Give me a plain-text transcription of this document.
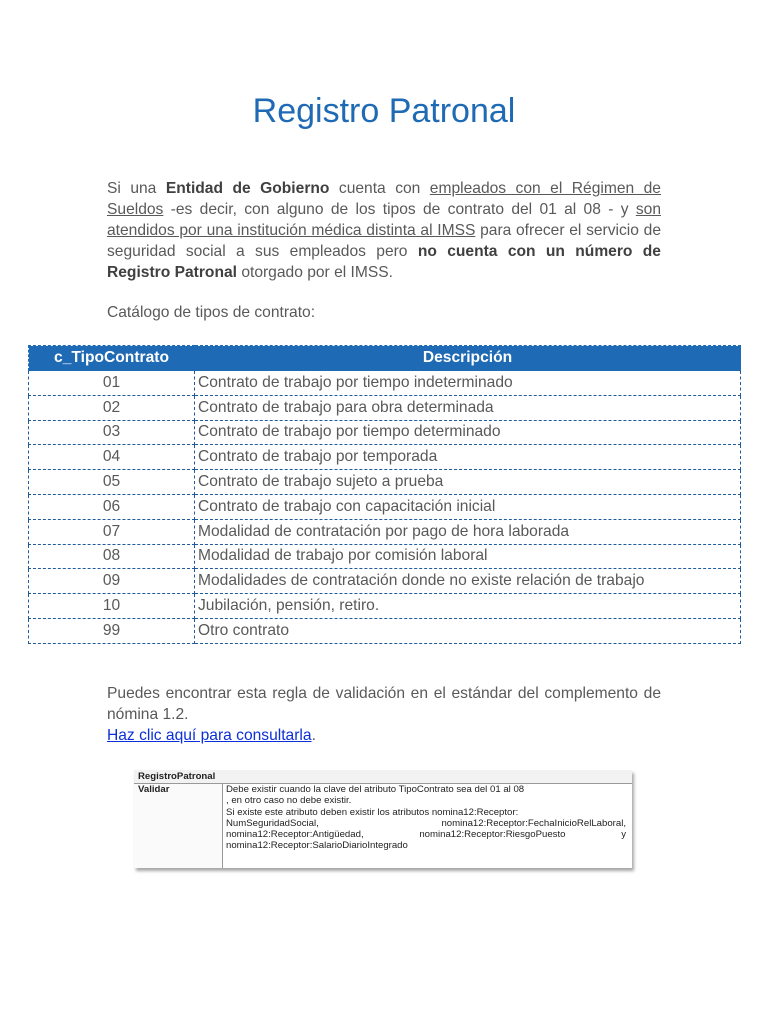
Registro Patronal

Si una Entidad de Gobierno cuenta con empleados con el Régimen de Sueldos -es decir, con alguno de los tipos de contrato del 01 al 08 - y son atendidos por una institución médica distinta al IMSS para ofrecer el servicio de seguridad social a sus empleados pero no cuenta con un número de Registro Patronal otorgado por el IMSS.

Catálogo de tipos de contrato:

c_TipoContrato	Descripción
01	Contrato de trabajo por tiempo indeterminado
02	Contrato de trabajo para obra determinada
03	Contrato de trabajo por tiempo determinado
04	Contrato de trabajo por temporada
05	Contrato de trabajo sujeto a prueba
06	Contrato de trabajo con capacitación inicial
07	Modalidad de contratación por pago de hora laborada
08	Modalidad de trabajo por comisión laboral
09	Modalidades de contratación donde no existe relación de trabajo
10	Jubilación, pensión, retiro.
99	Otro contrato

Puedes encontrar esta regla de validación en el estándar del complemento de nómina 1.2.

Haz clic aquí para consultarla.

RegistroPatronal
Validar	Debe existir cuando la clave del atributo TipoContrato sea del 01 al 08
, en otro caso no debe existir.
Si existe este atributo deben existir los atributos nomina12:Receptor:
NumSeguridadSocial,	nomina12:Receptor:FechaInicioRelLaboral,
nomina12:Receptor:Antigüedad,	nomina12:Receptor:RiesgoPuesto	y
nomina12:Receptor:SalarioDiarioIntegrado
